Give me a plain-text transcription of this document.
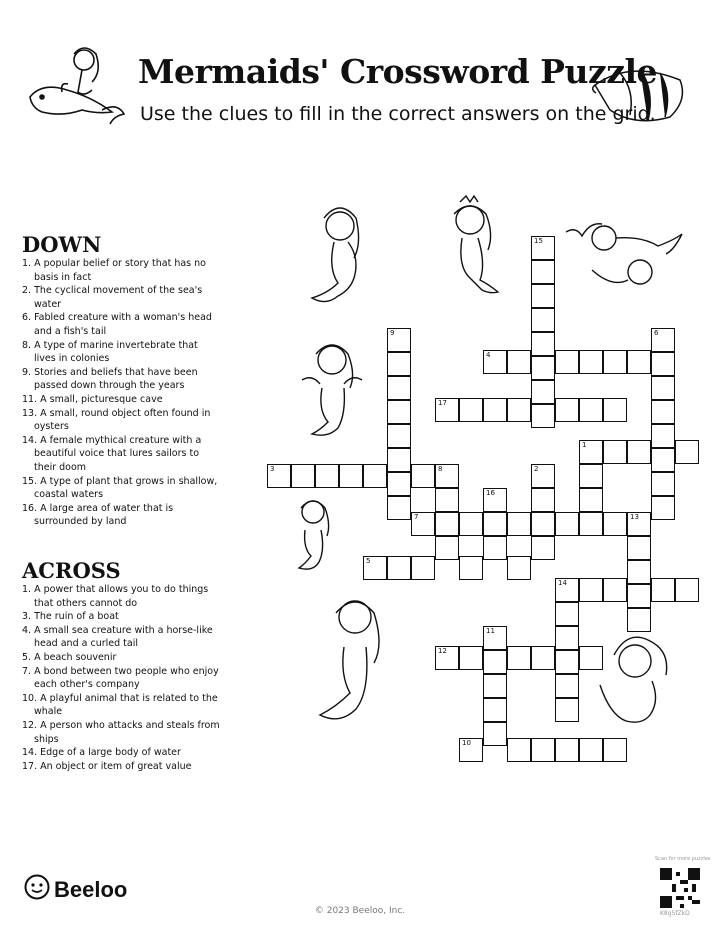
Mermaids' Crossword Puzzle
Use the clues to fill in the correct answers on the grid.
DOWN
1. A popular belief or story that has no basis in fact
2. The cyclical movement of the sea's water
6. Fabled creature with a woman's head and a fish's tail
8. A type of marine invertebrate that lives in colonies
9. Stories and beliefs that have been passed down through the years
11. A small, picturesque cave
13. A small, round object often found in oysters
14. A female mythical creature with a beautiful voice that lures sailors to their doom
15. A type of plant that grows in shallow, coastal waters
16. A large area of water that is surrounded by land
ACROSS
1. A power that allows you to do things that others cannot do
3. The ruin of a boat
4. A small sea creature with a horse-like head and a curled tail
5. A beach souvenir
7. A bond between two people who enjoy each other's company
10. A playful animal that is related to the whale
12. A person who attacks and steals from ships
14. Edge of a large body of water
17. An object or item of great value
15
4
9
17
6
1
3	8	2
16
7	13
5
14
11
12
10
Beeloo
© 2023 Beeloo, Inc.
Scan for more puzzles
K8g5fZkD
